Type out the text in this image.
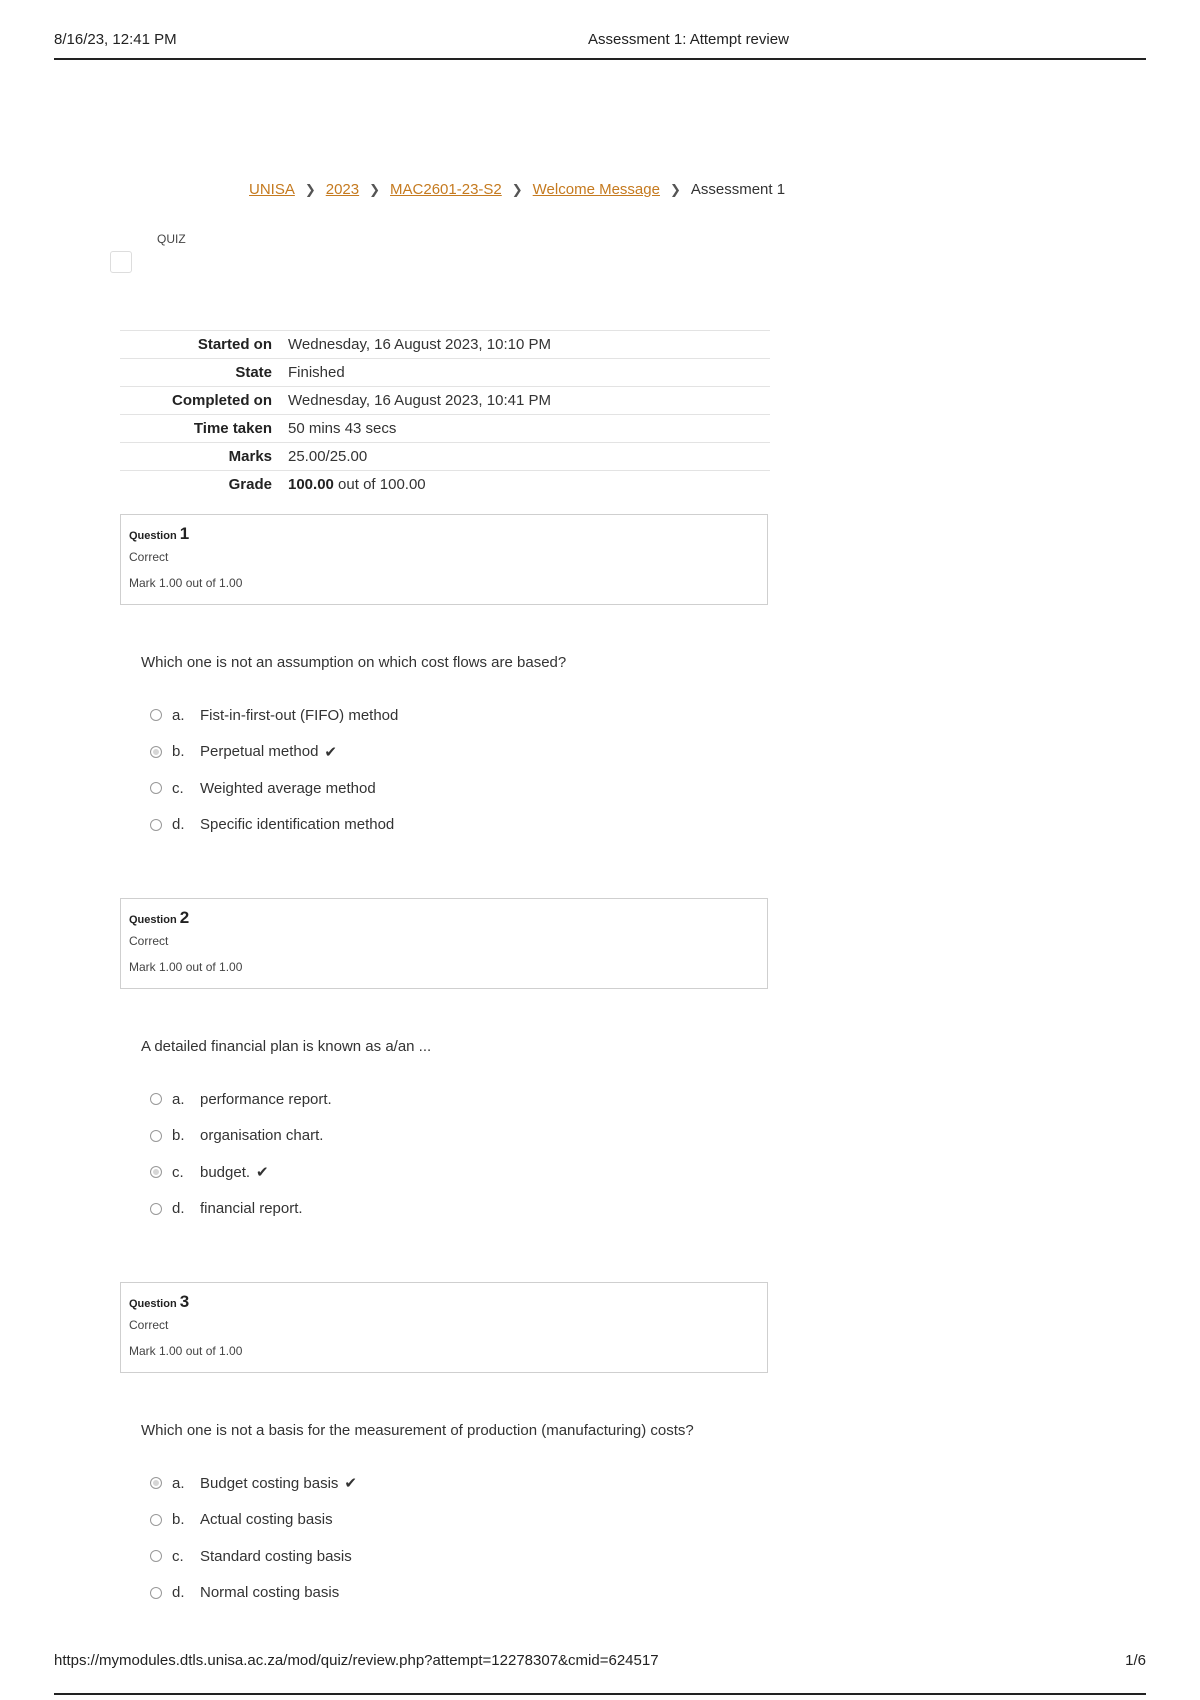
8/16/23, 12:41 PM	Assessment 1: Attempt review
UNISA ❯ 2023 ❯ MAC2601-23-S2 ❯ Welcome Message ❯ Assessment 1
QUIZ
Started on	Wednesday, 16 August 2023, 10:10 PM
State	Finished
Completed on	Wednesday, 16 August 2023, 10:41 PM
Time taken	50 mins 43 secs
Marks	25.00/25.00
Grade	100.00 out of 100.00
Question 1
Correct
Mark 1.00 out of 1.00
Which one is not an assumption on which cost flows are based?
a.	Fist-in-first-out (FIFO) method
b.	Perpetual method ✔
c.	Weighted average method
d.	Specific identification method
Question 2
Correct
Mark 1.00 out of 1.00
A detailed financial plan is known as a/an ...
a.	performance report.
b.	organisation chart.
c.	budget. ✔
d.	financial report.
Question 3
Correct
Mark 1.00 out of 1.00
Which one is not a basis for the measurement of production (manufacturing) costs?
a.	Budget costing basis ✔
b.	Actual costing basis
c.	Standard costing basis
d.	Normal costing basis
https://mymodules.dtls.unisa.ac.za/mod/quiz/review.php?attempt=12278307&cmid=624517	1/6
